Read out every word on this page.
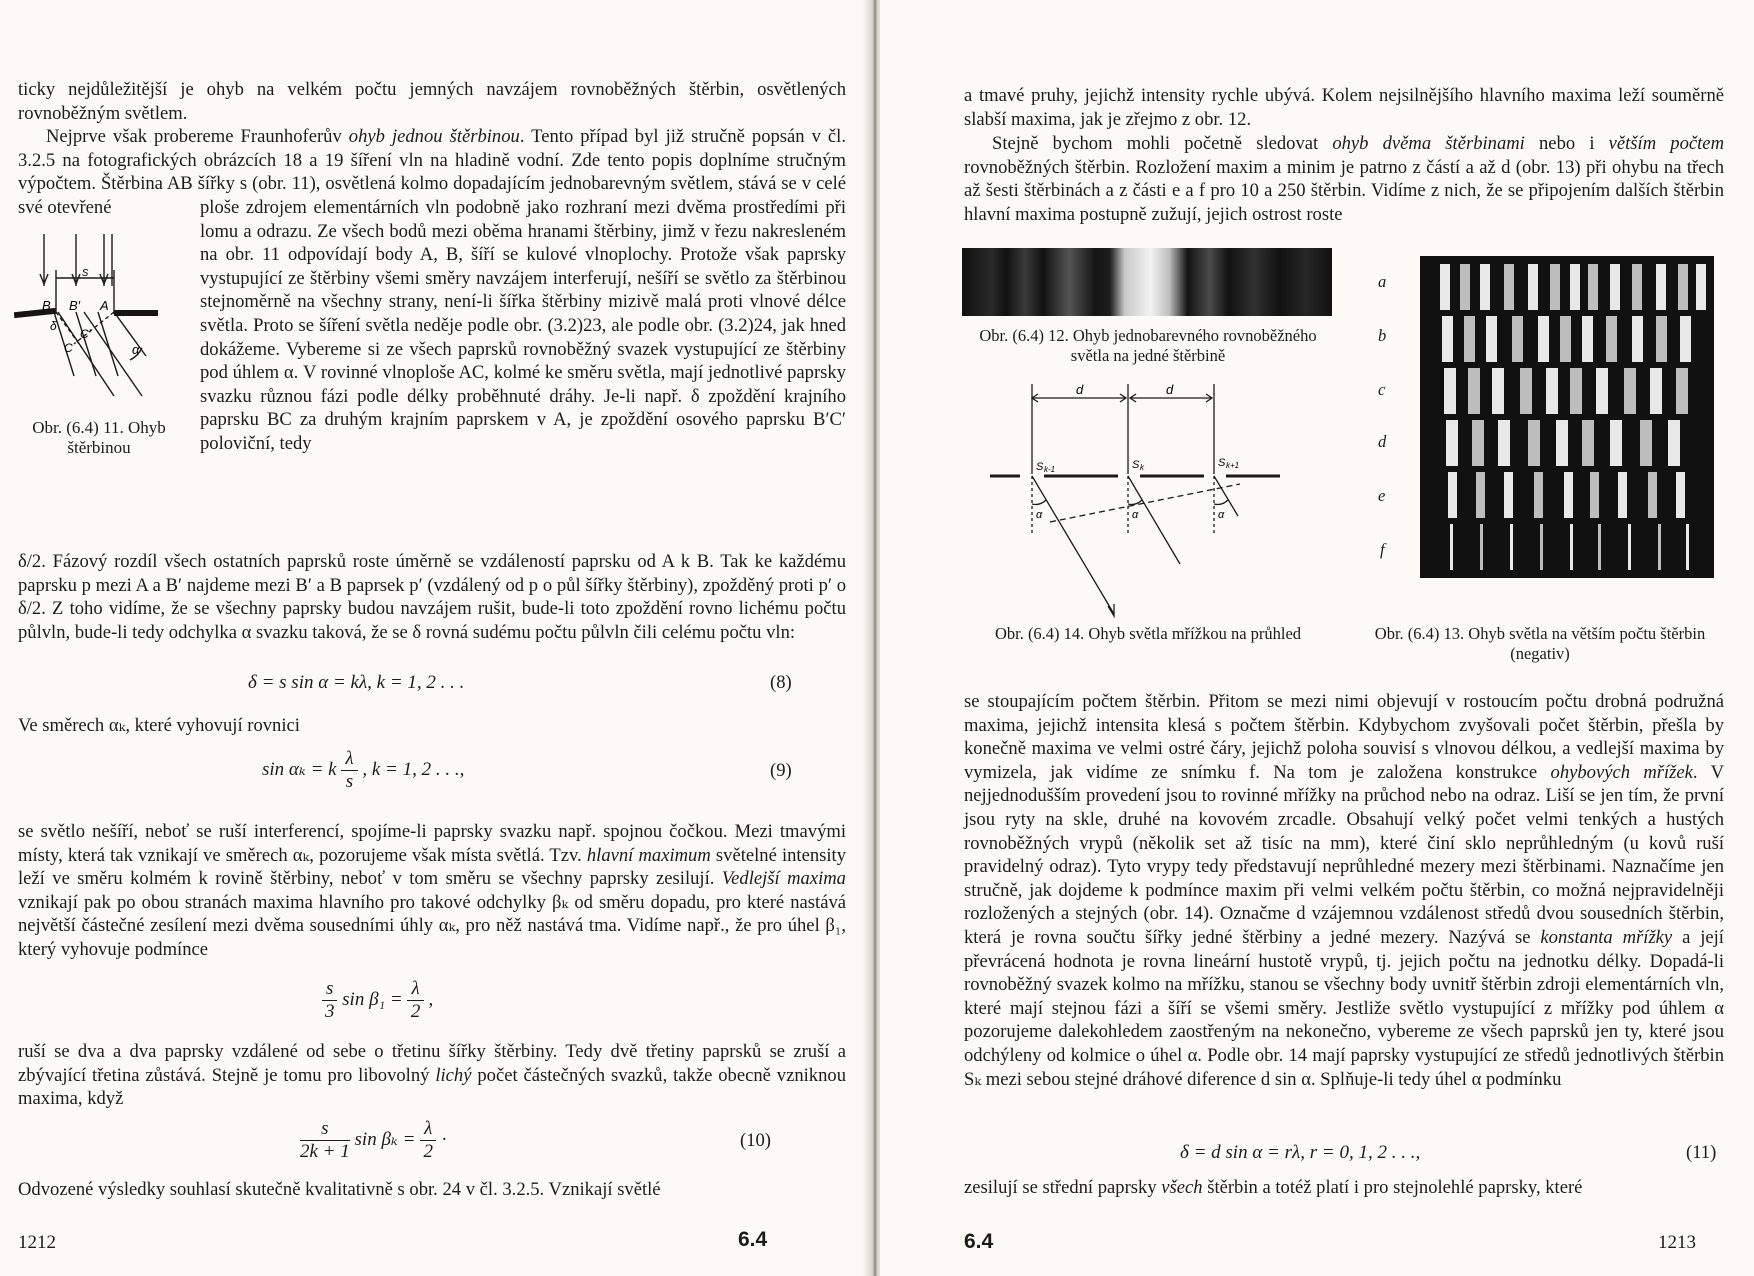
ticky nejdůležitější je ohyb na velkém počtu jemných navzájem rovnoběžných štěrbin, osvětlených rovnoběžným světlem.

Nejprve však probereme Fraunhoferův ohyb jednou štěrbinou. Tento případ byl již stručně popsán v čl. 3.2.5 na fotografických obrázcích 18 a 19 šíření vln na hladině vodní. Zde tento popis doplníme stručným výpočtem. Štěrbina AB šířky s (obr. 11), osvětlená kolmo dopadajícím jednobarevným světlem, stává se v celé své otevřené

s
B B′ A
δ
C′
C	α
Obr. (6.4) 11. Ohyb štěrbinou
ploše zdrojem elementárních vln podobně jako rozhraní mezi dvěma prostředími při lomu a odrazu. Ze všech bodů mezi oběma hranami štěrbiny, jimž v řezu nakresleném na obr. 11 odpovídají body A, B, šíří se kulové vlnoplochy. Protože však paprsky vystupující ze štěrbiny všemi směry navzájem interferují, nešíří se světlo za štěrbinou stejnoměrně na všechny strany, není-li šířka štěrbiny mizivě malá proti vlnové délce světla. Proto se šíření světla neděje podle obr. (3.2)23, ale podle obr. (3.2)24, jak hned dokážeme. Vybereme si ze všech paprsků rovnoběžný svazek vystupující ze štěrbiny pod úhlem α. V rovinné vlnoploše AC, kolmé ke směru světla, mají jednotlivé paprsky svazku různou fázi podle délky proběhnuté dráhy. Je-li např. δ zpoždění krajního paprsku BC za druhým krajním paprskem v A, je zpoždění osového paprsku B′C′ poloviční, tedy
δ/2. Fázový rozdíl všech ostatních paprsků roste úměrně se vzdáleností paprsku od A k B. Tak ke každému paprsku p mezi A a B′ najdeme mezi B′ a B paprsek p′ (vzdálený od p o půl šířky štěrbiny), zpožděný proti p′ o δ/2. Z toho vidíme, že se všechny paprsky budou navzájem rušit, bude-li toto zpoždění rovno lichému počtu půlvln, bude-li tedy odchylka α svazku taková, že se δ rovná sudému počtu půlvln čili celému počtu vln:
δ = s sin α = kλ, k = 1, 2 . . .	(8)
Ve směrech αₖ, které vyhovují rovnici
sin αₖ = k $\frac{\lambda}{s}$ , k = 1, 2 . . .,	(9)
se světlo nešíří, neboť se ruší interferencí, spojíme-li paprsky svazku např. spojnou čočkou. Mezi tmavými místy, která tak vznikají ve směrech αₖ, pozorujeme však místa světlá. Tzv. hlavní maximum světelné intensity leží ve směru kolmém k rovině štěrbiny, neboť v tom směru se všechny paprsky zesilují. Vedlejší maxima vznikají pak po obou stranách maxima hlavního pro takové odchylky βₖ od směru dopadu, pro které nastává největší částečné zesílení mezi dvěma sousedními úhly αₖ, pro něž nastává tma. Vidíme např., že pro úhel β₁, který vyhovuje podmínce
$\frac{s}{3}$ $\sin \beta_1 = \frac{\lambda}{2}$ ,
ruší se dva a dva paprsky vzdálené od sebe o třetinu šířky štěrbiny. Tedy dvě třetiny paprsků se zruší a zbývající třetina zůstává. Stejně je tomu pro libovolný lichý počet částečných svazků, takže obecně vzniknou maxima, když
$\frac{s}{2k + 1}$ $\sin \beta_k = \frac{\lambda}{2}$ ·	(10)
Odvozené výsledky souhlasí skutečně kvalitativně s obr. 24 v čl. 3.2.5. Vznikají světlé
1212	6.4
a tmavé pruhy, jejichž intensity rychle ubývá. Kolem nejsilnějšího hlavního maxima leží souměrně slabší maxima, jak je zřejmo z obr. 12.
Stejně bychom mohli početně sledovat ohyb dvěma štěrbinami nebo i větším počtem rovnoběžných štěrbin. Rozložení maxim a minim je patrno z částí a až d (obr. 13) při ohybu na třech až šesti štěrbinách a z části e a f pro 10 a 250 štěrbin. Vidíme z nich, že se připojením dalších štěrbin hlavní maxima postupně zužují, jejich ostrost roste
Obr. (6.4) 12. Ohyb jednobarevného rovnoběžného světla na jedné štěrbině
a
b
c
d
e
f
Obr. (6.4) 13. Ohyb světla na větším počtu štěrbin (negativ)
d	d
S k-1	S k	S k+1
α	α	α
Obr. (6.4) 14. Ohyb světla mřížkou na průhled
se stoupajícím počtem štěrbin. Přitom se mezi nimi objevují v rostoucím počtu drobná podružná maxima, jejichž intensita klesá s počtem štěrbin. Kdybychom zvyšovali počet štěrbin, přešla by konečně maxima ve velmi ostré čáry, jejichž poloha souvisí s vlnovou délkou, a vedlejší maxima by vymizela, jak vidíme ze snímku f. Na tom je založena konstrukce ohybových mřížek. V nejjednodušším provedení jsou to rovinné mřížky na průchod nebo na odraz. Liší se jen tím, že první jsou ryty na skle, druhé na kovovém zrcadle. Obsahují velký počet velmi tenkých a hustých rovnoběžných vrypů (několik set až tisíc na mm), které činí sklo neprůhledným (u kovů ruší pravidelný odraz). Tyto vrypy tedy představují neprůhledné mezery mezi štěrbinami. Naznačíme jen stručně, jak dojdeme k podmínce maxim při velmi velkém počtu štěrbin, co možná nejpravidelněji rozložených a stejných (obr. 14). Označme d vzájemnou vzdálenost středů dvou sousedních štěrbin, která je rovna součtu šířky jedné štěrbiny a jedné mezery. Nazývá se konstanta mřížky a její převrácená hodnota je rovna lineární hustotě vrypů, tj. jejich počtu na jednotku délky. Dopadá-li rovnoběžný svazek kolmo na mřížku, stanou se všechny body uvnitř štěrbin zdroji elementárních vln, které mají stejnou fázi a šíří se všemi směry. Jestliže světlo vystupující z mřížky pod úhlem α pozorujeme dalekohledem zaostřeným na nekonečno, vybereme ze všech paprsků jen ty, které jsou odchýleny od kolmice o úhel α. Podle obr. 14 mají paprsky vystupující ze středů jednotlivých štěrbin Sₖ mezi sebou stejné dráhové diference d sin α. Splňuje-li tedy úhel α podmínku
δ = d sin α = rλ, r = 0, 1, 2 . . .,	(11)
zesilují se střední paprsky všech štěrbin a totéž platí i pro stejnolehlé paprsky, které
6.4	1213
